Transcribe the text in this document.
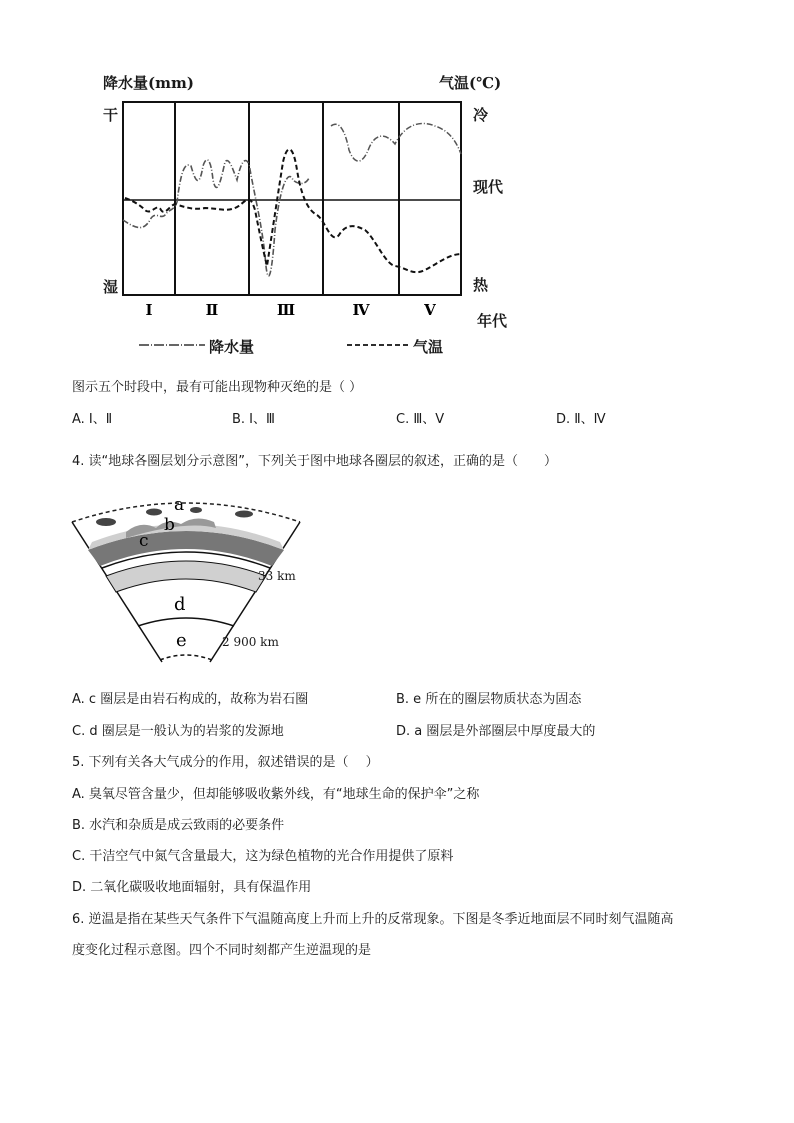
降水量(mm)	气温(℃)
干
湿
冷
现代
热
Ⅰ	Ⅱ	Ⅲ	Ⅳ	Ⅴ
年代
降水量	气温
图示五个时段中，最有可能出现物种灭绝的是（ ）
A. Ⅰ、Ⅱ	B. Ⅰ、Ⅲ	C. Ⅲ、Ⅴ	D. Ⅱ、Ⅳ
4. 读“地球各圈层划分示意图”，下列关于图中地球各圈层的叙述，正确的是（　　）
a
b
c
d
e
33 km
2 900 km
A. c 圈层是由岩石构成的，故称为岩石圈	B. e 所在的圈层物质状态为固态
C. d 圈层是一般认为的岩浆的发源地	D. a 圈层是外部圈层中厚度最大的
5. 下列有关各大气成分的作用，叙述错误的是（　 ）
A. 臭氧尽管含量少，但却能够吸收紫外线，有“地球生命的保护伞”之称
B. 水汽和杂质是成云致雨的必要条件
C. 干洁空气中氮气含量最大，这为绿色植物的光合作用提供了原料
D. 二氧化碳吸收地面辐射，具有保温作用
6. 逆温是指在某些天气条件下气温随高度上升而上升的反常现象。下图是冬季近地面层不同时刻气温随高
度变化过程示意图。四个不同时刻都产生逆温现的是
